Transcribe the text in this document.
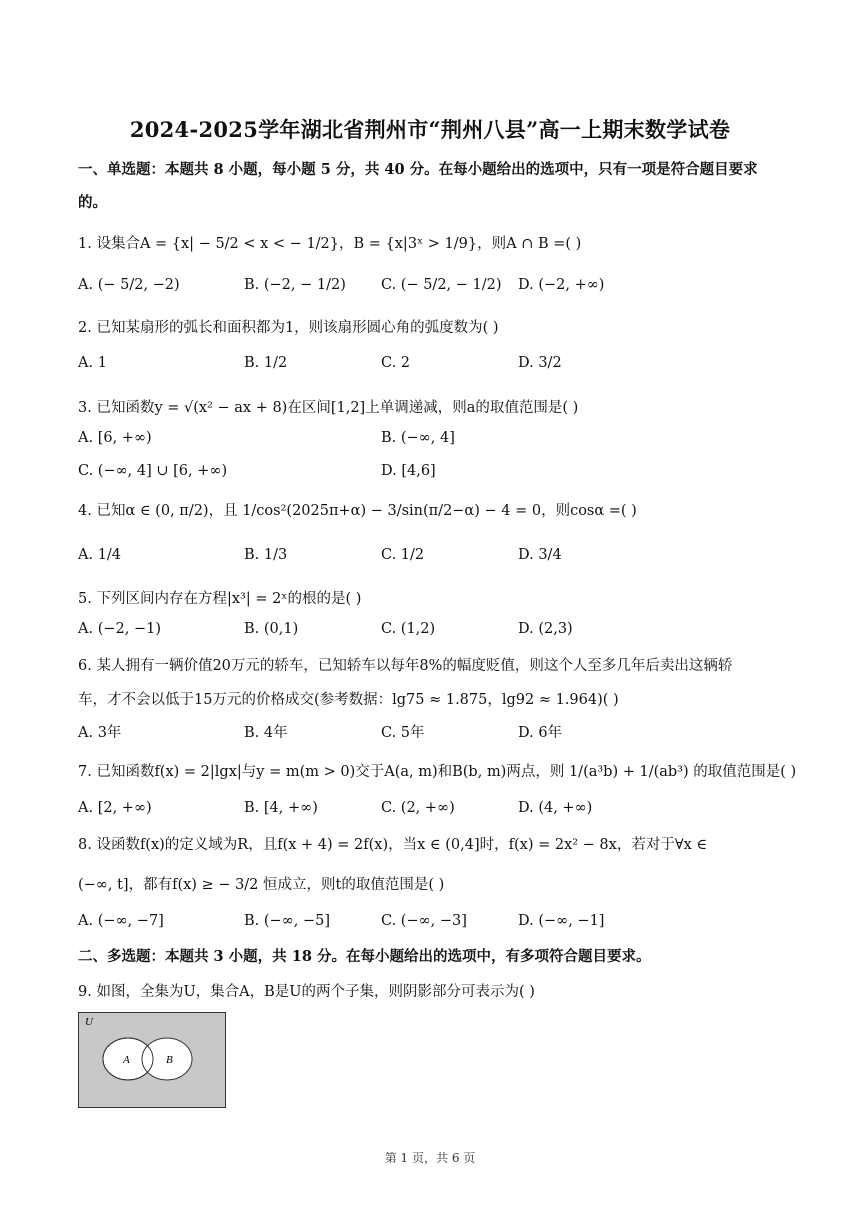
2024-2025学年湖北省荆州市“荆州八县”高一上期末数学试卷
一、单选题：本题共 8 小题，每小题 5 分，共 40 分。在每小题给出的选项中，只有一项是符合题目要求
的。
1. 设集合A = {x| − 5/2 < x < − 1/2}，B = {x|3ˣ > 1/9}，则A ∩ B =( )
A. (− 5/2, −2)	B. (−2, − 1/2) C. (− 5/2, − 1/2) D. (−2, +∞)
2. 已知某扇形的弧长和面积都为1，则该扇形圆心角的弧度数为( )
A. 1	B. 1/2	C. 2	D. 3/2
3. 已知函数y = √(x² − ax + 8)在区间[1,2]上单调递减，则a的取值范围是( )
A. [6, +∞)	B. (−∞, 4]
C. (−∞, 4] ∪ [6, +∞)	D. [4,6]
4. 已知α ∈ (0, π/2)，且 1/cos²(2025π+α) − 3/sin(π/2−α) − 4 = 0，则cosα =( )
A. 1/4	B. 1/3	C. 1/2	D. 3/4
5. 下列区间内存在方程|x³| = 2ˣ的根的是( )
A. (−2, −1)	B. (0,1)	C. (1,2)	D. (2,3)
6. 某人拥有一辆价值20万元的轿车，已知轿车以每年8%的幅度贬值，则这个人至多几年后卖出这辆轿
车，才不会以低于15万元的价格成交(参考数据：lg75 ≈ 1.875，lg92 ≈ 1.964)( )
A. 3年	B. 4年	C. 5年	D. 6年
7. 已知函数f(x) = 2|lgx|与y = m(m > 0)交于A(a, m)和B(b, m)两点，则 1/(a³b) + 1/(ab³) 的取值范围是( )
A. [2, +∞)	B. [4, +∞)	C. (2, +∞)	D. (4, +∞)
8. 设函数f(x)的定义域为R，且f(x + 4) = 2f(x)，当x ∈ (0,4]时，f(x) = 2x² − 8x，若对于∀x ∈
(−∞, t]，都有f(x) ≥ − 3/2 恒成立，则t的取值范围是( )
A. (−∞, −7]	B. (−∞, −5]	C. (−∞, −3]	D. (−∞, −1]
二、多选题：本题共 3 小题，共 18 分。在每小题给出的选项中，有多项符合题目要求。
9. 如图，全集为U，集合A，B是U的两个子集，则阴影部分可表示为( )
U
A	B
第 1 页，共 6 页
